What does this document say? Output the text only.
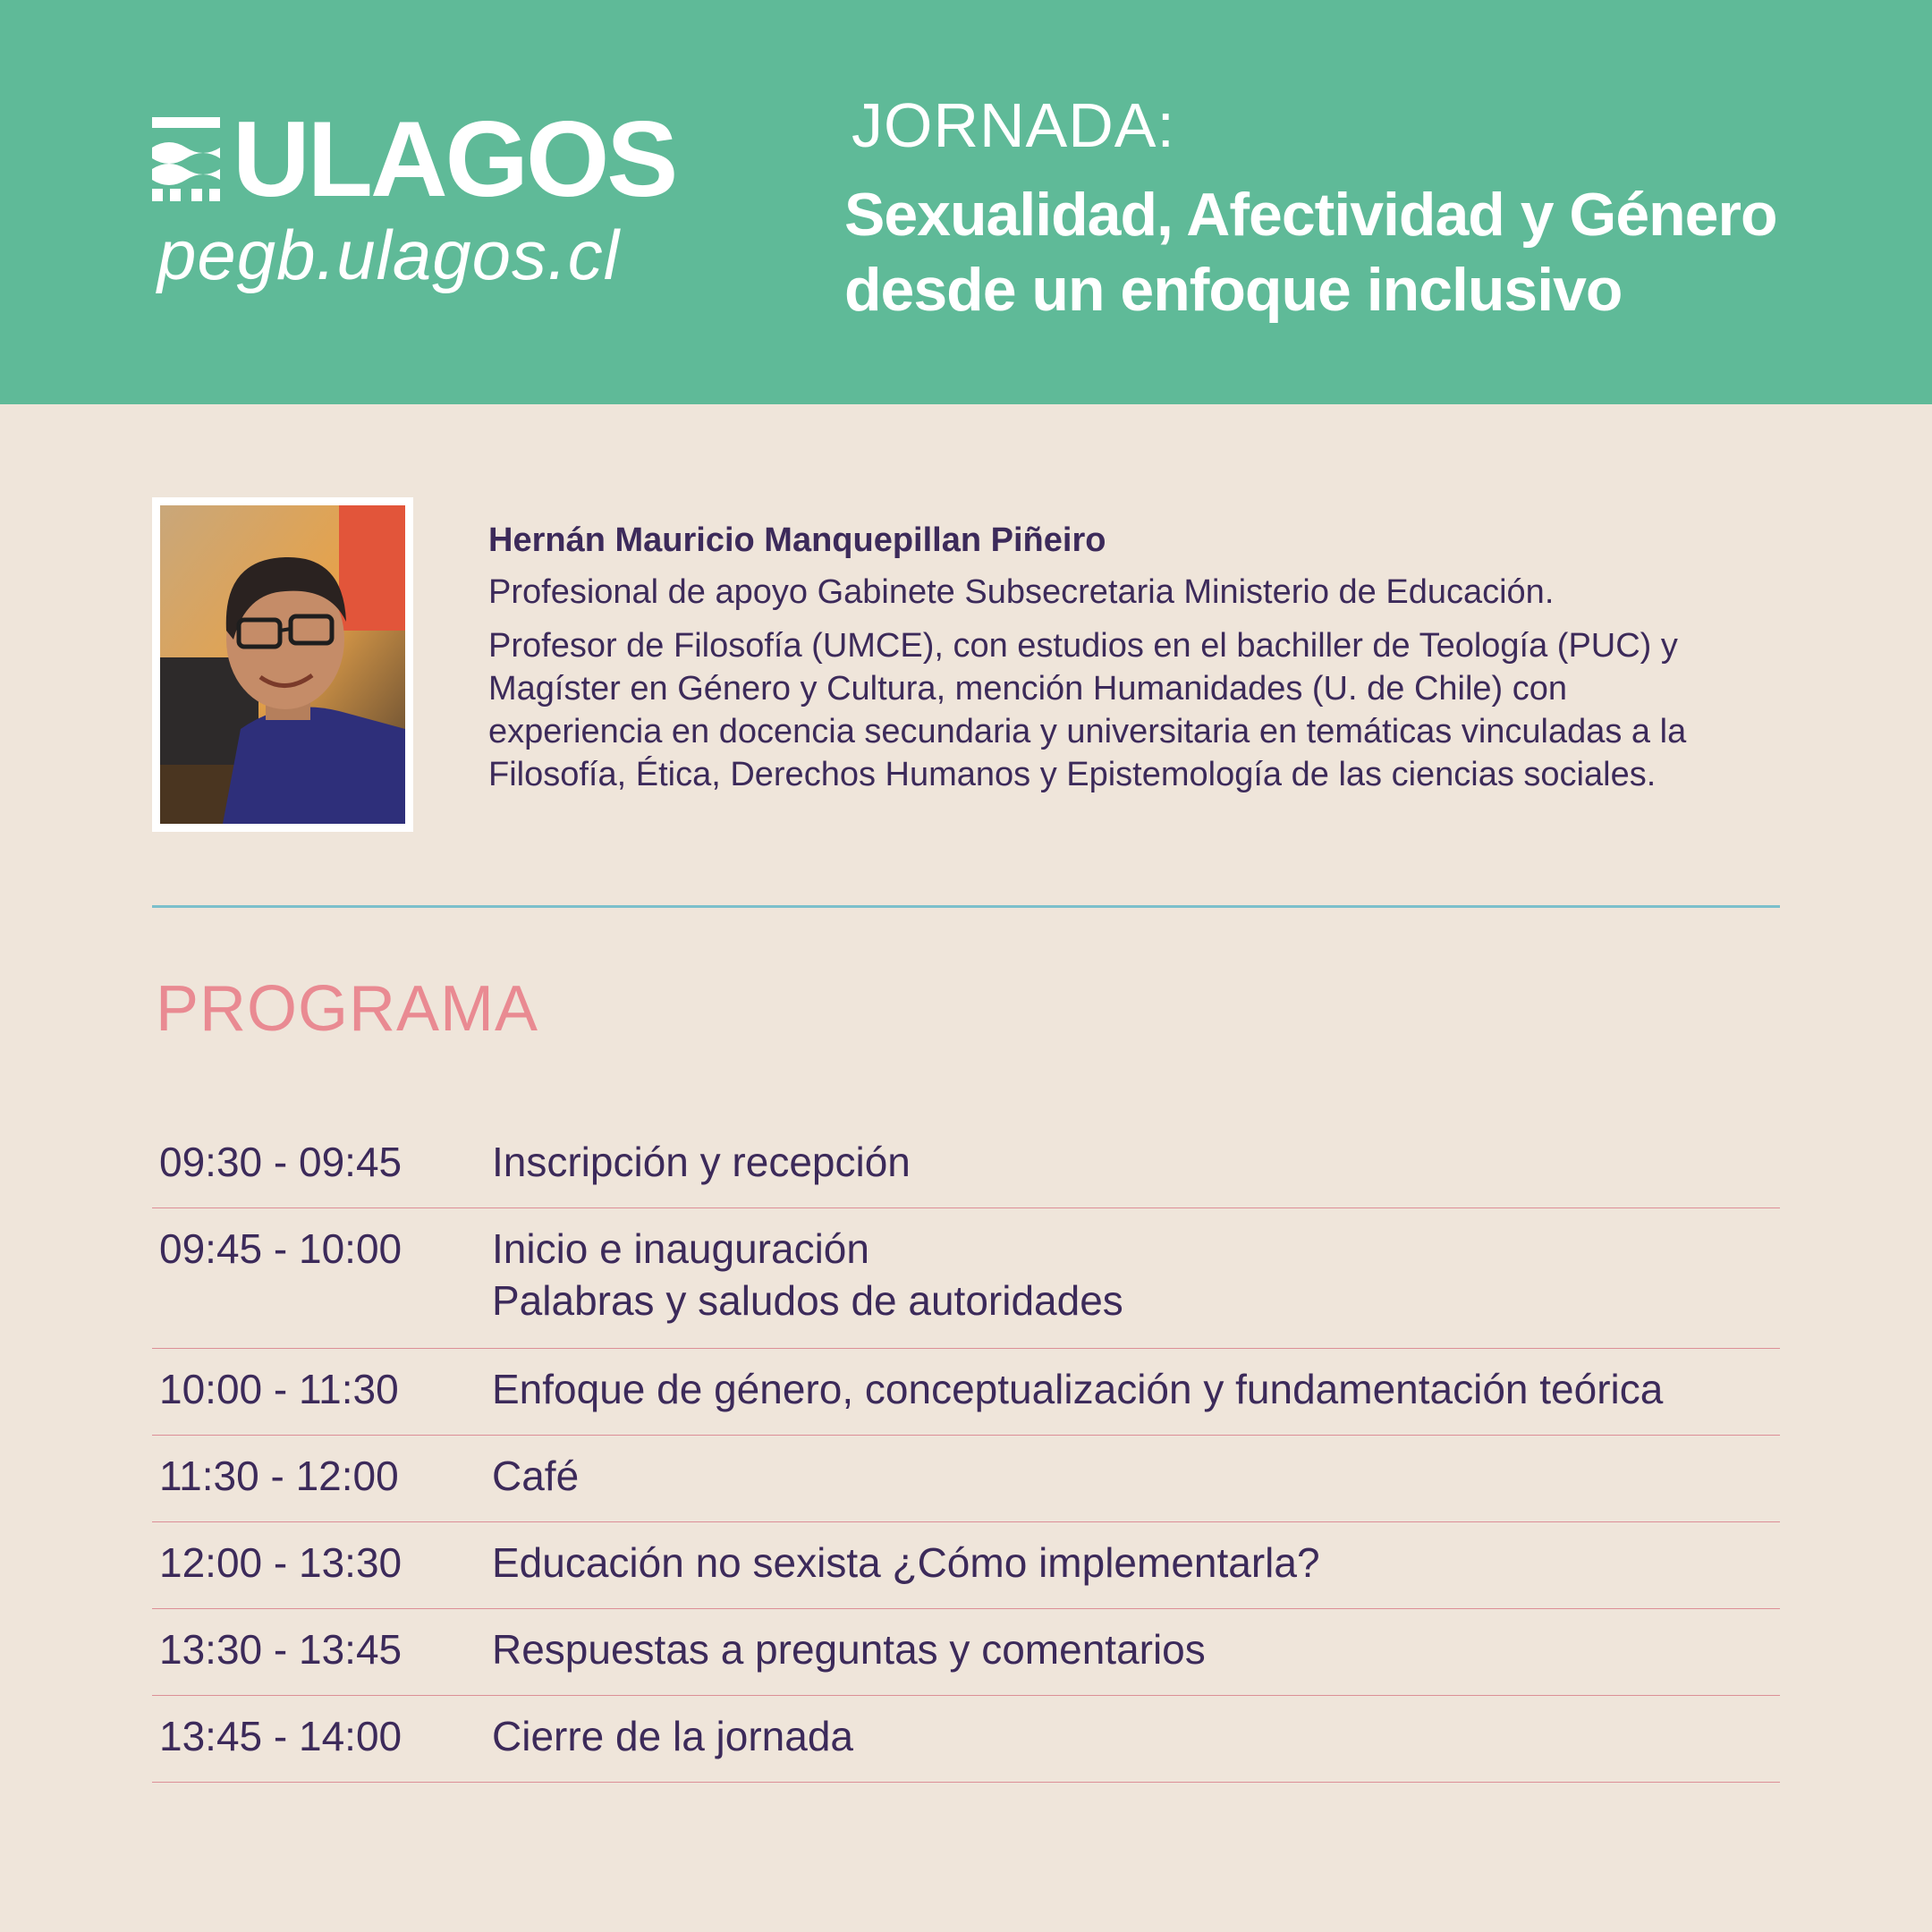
ULAGOS
pegb.ulagos.cl
JORNADA:
Sexualidad, Afectividad y Género
desde un enfoque inclusivo
Hernán Mauricio Manquepillan Piñeiro
Profesional de apoyo Gabinete Subsecretaria Ministerio de Educación.
Profesor de Filosofía (UMCE), con estudios en el bachiller de Teología (PUC) y
Magíster en Género y Cultura, mención Humanidades (U. de Chile) con
experiencia en docencia secundaria y universitaria en temáticas vinculadas a la
Filosofía, Ética, Derechos Humanos y Epistemología de las ciencias sociales.
PROGRAMA
09:30 - 09:45	Inscripción y recepción
09:45 - 10:00	Inicio e inauguración
Palabras y saludos de autoridades
10:00 - 11:30	Enfoque de género, conceptualización y fundamentación teórica
11:30 - 12:00	Café
12:00 - 13:30	Educación no sexista ¿Cómo implementarla?
13:30 - 13:45	Respuestas a preguntas y comentarios
13:45 - 14:00	Cierre de la jornada
